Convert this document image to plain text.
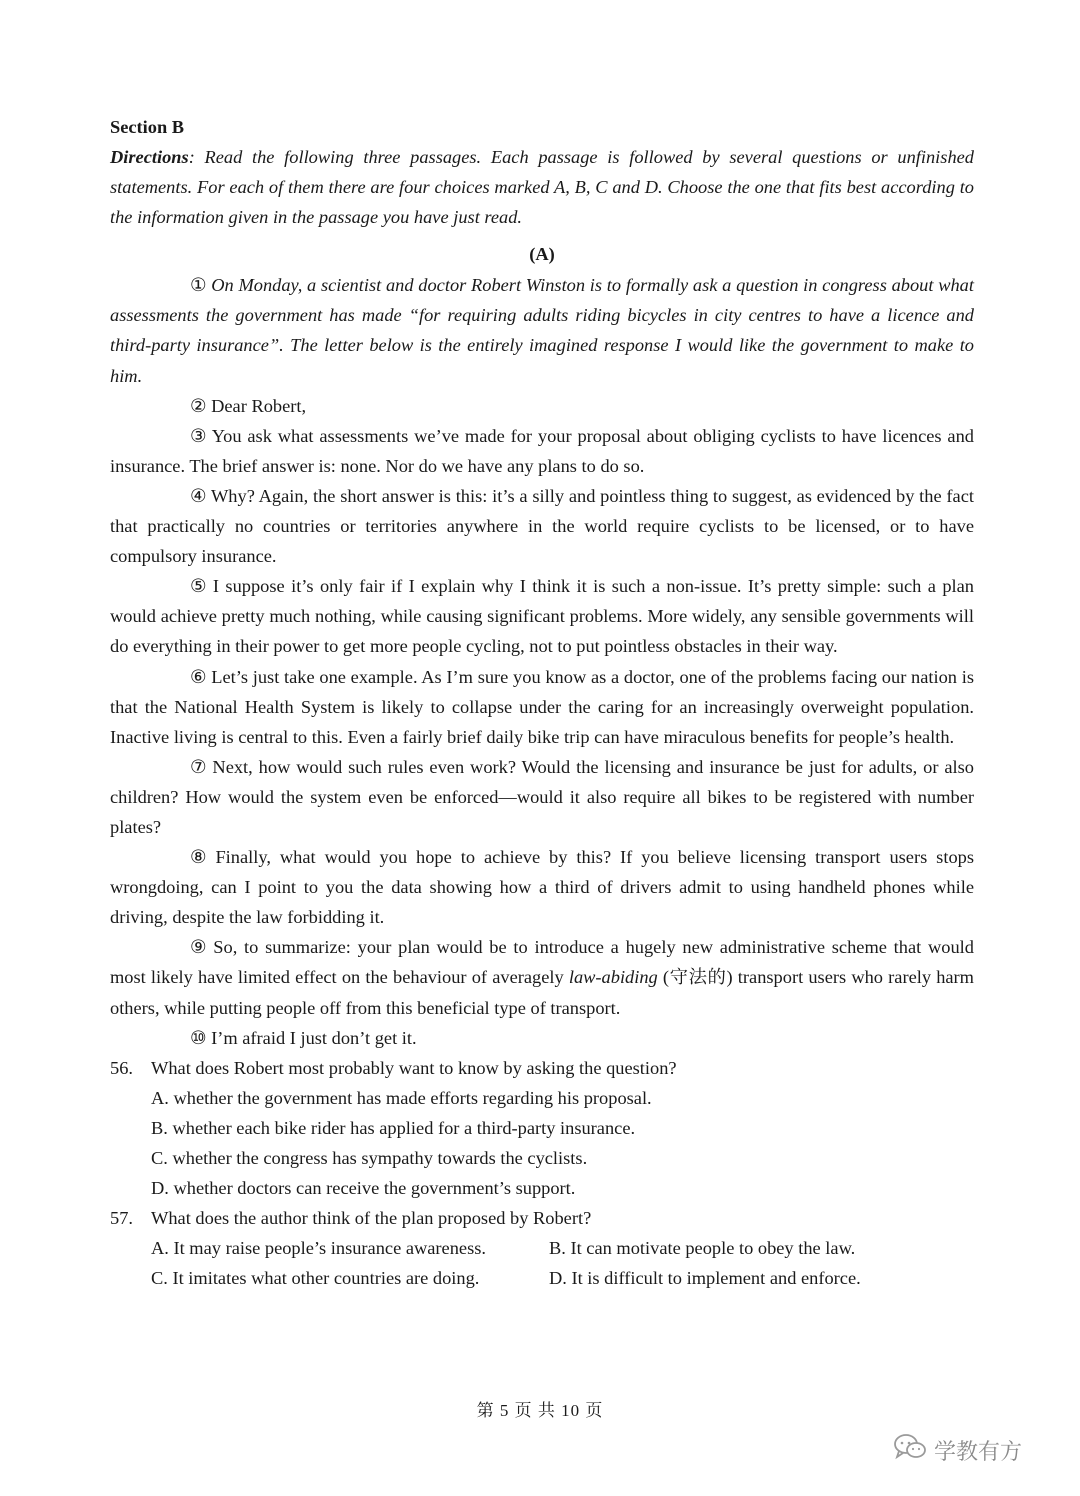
Section B
Directions: Read the following three passages. Each passage is followed by several questions or unfinished statements. For each of them there are four choices marked A, B, C and D. Choose the one that fits best according to the information given in the passage you have just read.
(A)
① On Monday, a scientist and doctor Robert Winston is to formally ask a question in congress about what assessments the government has made “for requiring adults riding bicycles in city centres to have a licence and third-party insurance”. The letter below is the entirely imagined response I would like the government to make to him.
② Dear Robert,
③ You ask what assessments we’ve made for your proposal about obliging cyclists to have licences and insurance. The brief answer is: none. Nor do we have any plans to do so.
④ Why? Again, the short answer is this: it’s a silly and pointless thing to suggest, as evidenced by the fact that practically no countries or territories anywhere in the world require cyclists to be licensed, or to have compulsory insurance.
⑤ I suppose it’s only fair if I explain why I think it is such a non-issue. It’s pretty simple: such a plan would achieve pretty much nothing, while causing significant problems. More widely, any sensible governments will do everything in their power to get more people cycling, not to put pointless obstacles in their way.
⑥ Let’s just take one example. As I’m sure you know as a doctor, one of the problems facing our nation is that the National Health System is likely to collapse under the caring for an increasingly overweight population. Inactive living is central to this. Even a fairly brief daily bike trip can have miraculous benefits for people’s health.
⑦ Next, how would such rules even work? Would the licensing and insurance be just for adults, or also children? How would the system even be enforced—would it also require all bikes to be registered with number plates?
⑧ Finally, what would you hope to achieve by this? If you believe licensing transport users stops wrongdoing, can I point to you the data showing how a third of drivers admit to using handheld phones while driving, despite the law forbidding it.
⑨ So, to summarize: your plan would be to introduce a hugely new administrative scheme that would most likely have limited effect on the behaviour of averagely law-abiding (守法的) transport users who rarely harm others, while putting people off from this beneficial type of transport.
⑩ I’m afraid I just don’t get it.
56. What does Robert most probably want to know by asking the question?
A. whether the government has made efforts regarding his proposal.
B. whether each bike rider has applied for a third-party insurance.
C. whether the congress has sympathy towards the cyclists.
D. whether doctors can receive the government’s support.
57. What does the author think of the plan proposed by Robert?
A. It may raise people’s insurance awareness.	B. It can motivate people to obey the law.
C. It imitates what other countries are doing.	D. It is difficult to implement and enforce.
第 5 页 共 10 页
学教有方
